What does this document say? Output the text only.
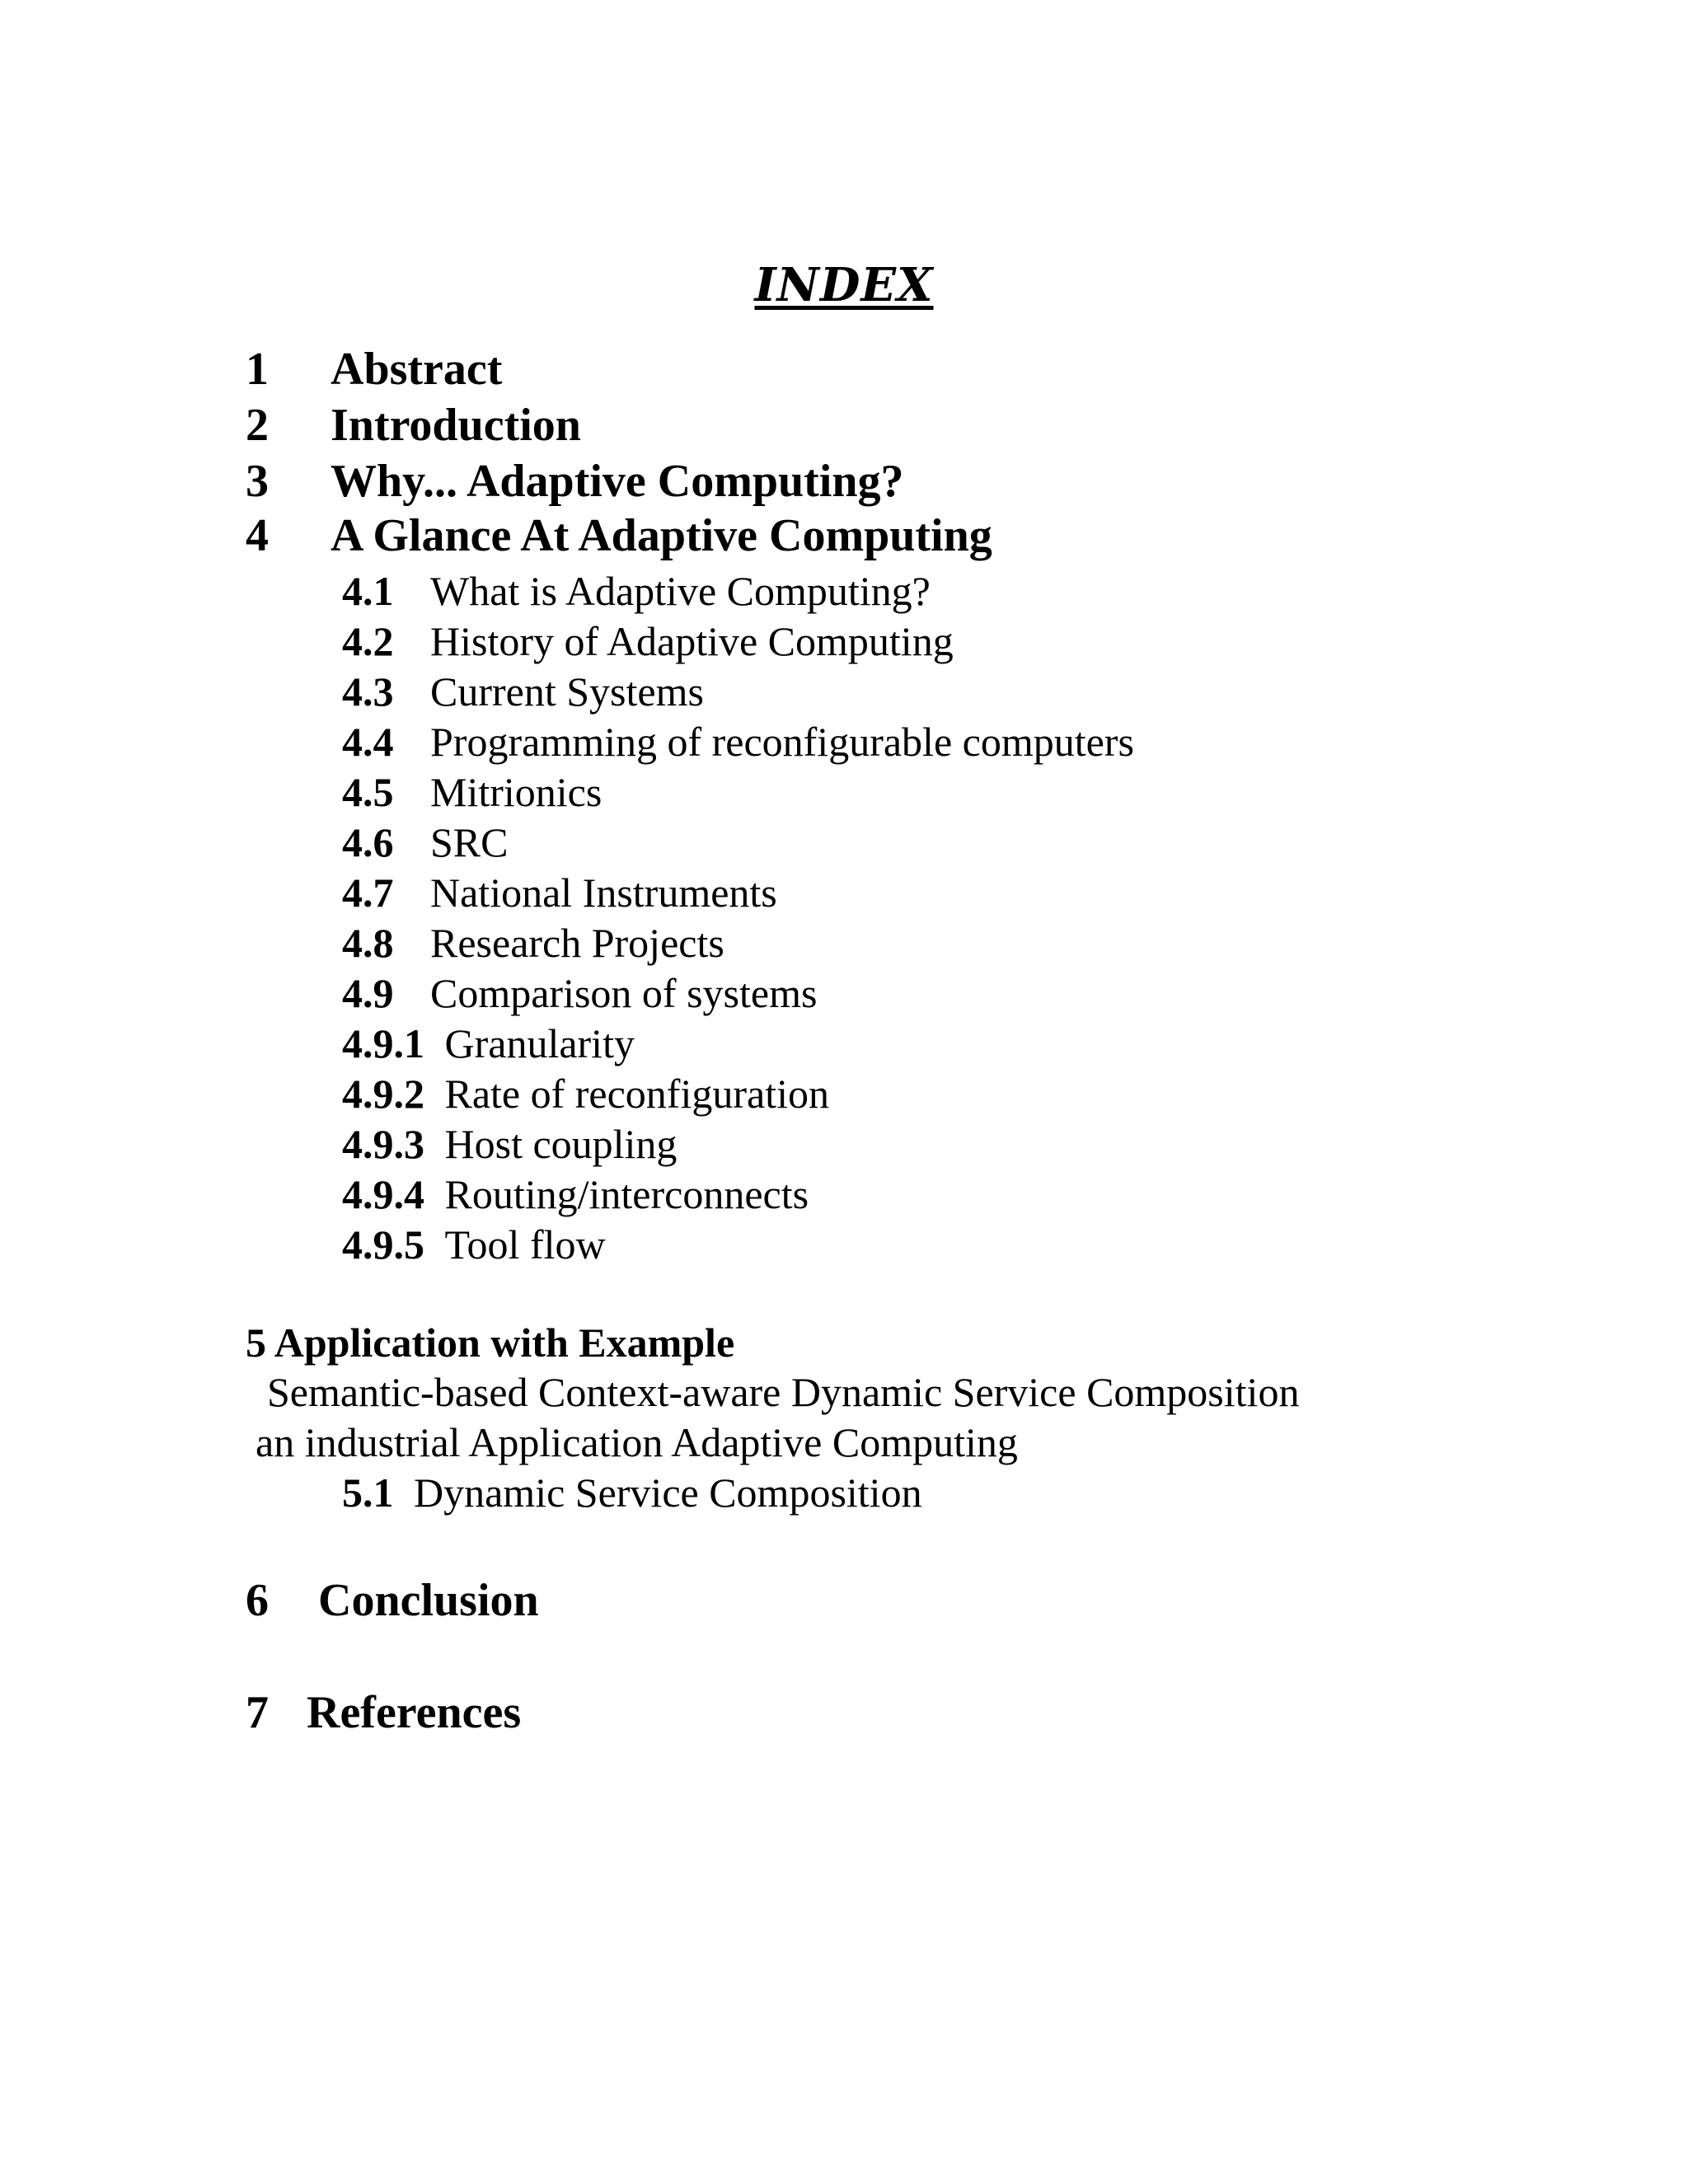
INDEX
1 Abstract
2 Introduction
3 Why... Adaptive Computing?
4 A Glance At Adaptive Computing
4.1 What is Adaptive Computing?
4.2 History of Adaptive Computing
4.3 Current Systems
4.4 Programming of reconfigurable computers
4.5 Mitrionics
4.6 SRC
4.7 National Instruments
4.8 Research Projects
4.9 Comparison of systems
4.9.1 Granularity
4.9.2 Rate of reconfiguration
4.9.3 Host coupling
4.9.4 Routing/interconnects
4.9.5 Tool flow
5 Application with Example
Semantic-based Context-aware Dynamic Service Composition
an industrial Application Adaptive Computing
5.1 Dynamic Service Composition
6 Conclusion
7 References
